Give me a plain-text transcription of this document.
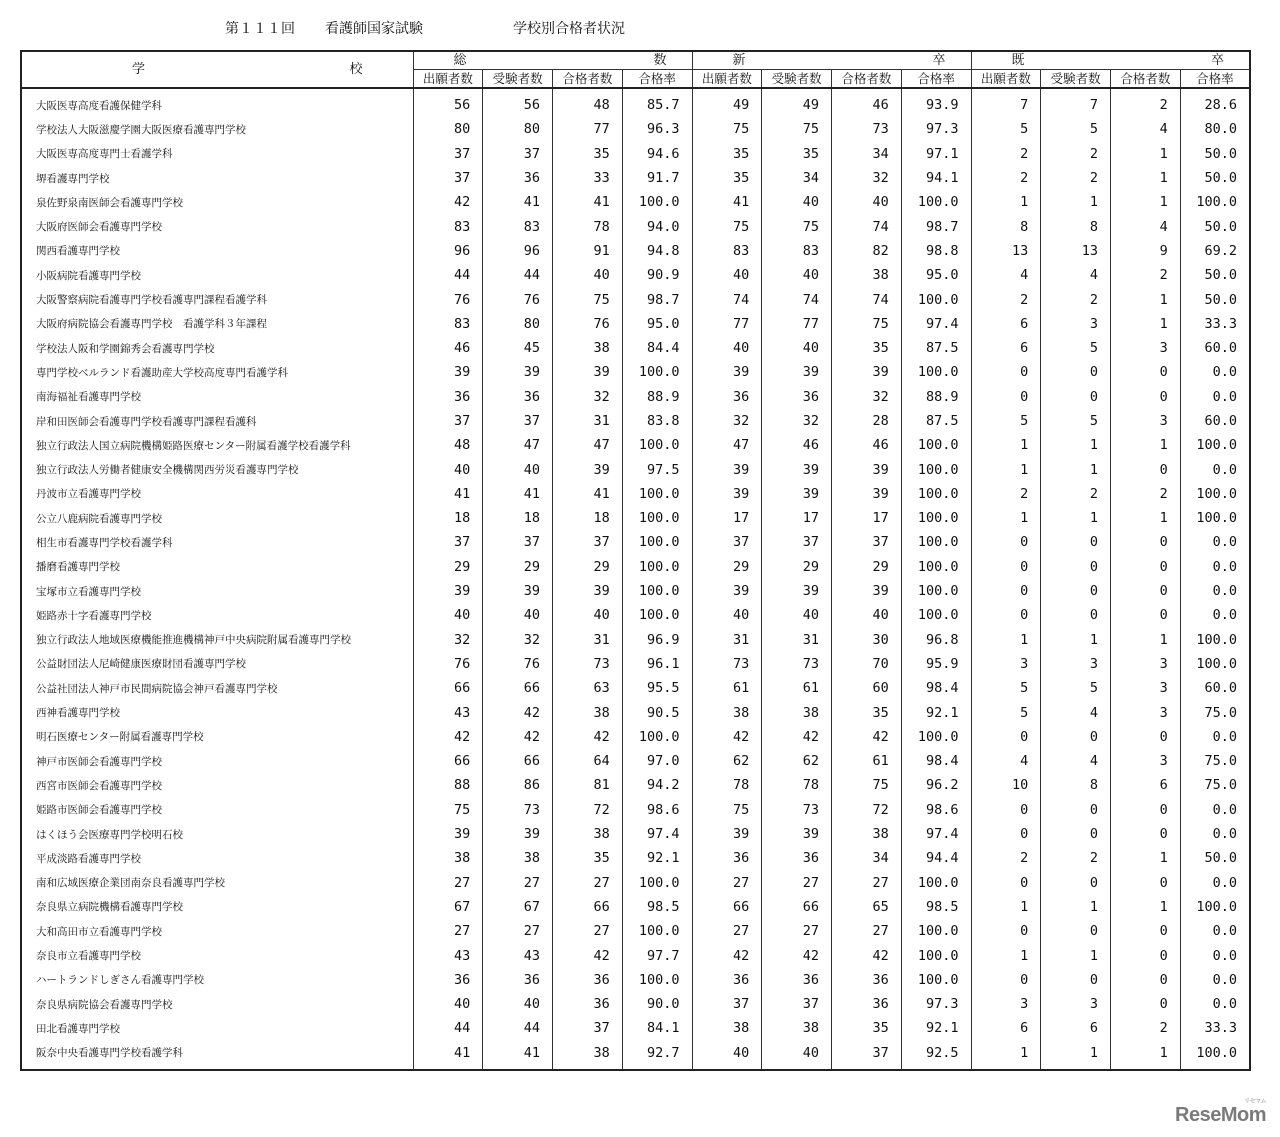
第１１１回 看護師国家試験	学校別合格者状況
学 校	総 数				新 卒				既 卒			

	出願者数	受験者数	合格者数	合格率	出願者数	受験者数	合格者数	合格率	出願者数	受験者数	合格者数	合格率
大阪医専高度看護保健学科	56	56	48	85.7	49	49	46	93.9	7	7	2	28.6
学校法人大阪滋慶学園大阪医療看護専門学校	80	80	77	96.3	75	75	73	97.3	5	5	4	80.0
大阪医専高度専門士看護学科	37	37	35	94.6	35	35	34	97.1	2	2	1	50.0
堺看護専門学校	37	36	33	91.7	35	34	32	94.1	2	2	1	50.0
泉佐野泉南医師会看護専門学校	42	41	41	100.0	41	40	40	100.0	1	1	1	100.0
大阪府医師会看護専門学校	83	83	78	94.0	75	75	74	98.7	8	8	4	50.0
関西看護専門学校	96	96	91	94.8	83	83	82	98.8	13	13	9	69.2
小阪病院看護専門学校	44	44	40	90.9	40	40	38	95.0	4	4	2	50.0
大阪警察病院看護専門学校看護専門課程看護学科	76	76	75	98.7	74	74	74	100.0	2	2	1	50.0
大阪府病院協会看護専門学校　看護学科３年課程	83	80	76	95.0	77	77	75	97.4	6	3	1	33.3
学校法人阪和学園錦秀会看護専門学校	46	45	38	84.4	40	40	35	87.5	6	5	3	60.0
専門学校ベルランド看護助産大学校高度専門看護学科	39	39	39	100.0	39	39	39	100.0	0	0	0	0.0
南海福祉看護専門学校	36	36	32	88.9	36	36	32	88.9	0	0	0	0.0
岸和田医師会看護専門学校看護専門課程看護科	37	37	31	83.8	32	32	28	87.5	5	5	3	60.0
独立行政法人国立病院機構姫路医療センター附属看護学校看護学科	48	47	47	100.0	47	46	46	100.0	1	1	1	100.0
独立行政法人労働者健康安全機構関西労災看護専門学校	40	40	39	97.5	39	39	39	100.0	1	1	0	0.0
丹波市立看護専門学校	41	41	41	100.0	39	39	39	100.0	2	2	2	100.0
公立八鹿病院看護専門学校	18	18	18	100.0	17	17	17	100.0	1	1	1	100.0
相生市看護専門学校看護学科	37	37	37	100.0	37	37	37	100.0	0	0	0	0.0
播磨看護専門学校	29	29	29	100.0	29	29	29	100.0	0	0	0	0.0
宝塚市立看護専門学校	39	39	39	100.0	39	39	39	100.0	0	0	0	0.0
姫路赤十字看護専門学校	40	40	40	100.0	40	40	40	100.0	0	0	0	0.0
独立行政法人地域医療機能推進機構神戸中央病院附属看護専門学校	32	32	31	96.9	31	31	30	96.8	1	1	1	100.0
公益財団法人尼崎健康医療財団看護専門学校	76	76	73	96.1	73	73	70	95.9	3	3	3	100.0
公益社団法人神戸市民間病院協会神戸看護専門学校	66	66	63	95.5	61	61	60	98.4	5	5	3	60.0
西神看護専門学校	43	42	38	90.5	38	38	35	92.1	5	4	3	75.0
明石医療センター附属看護専門学校	42	42	42	100.0	42	42	42	100.0	0	0	0	0.0
神戸市医師会看護専門学校	66	66	64	97.0	62	62	61	98.4	4	4	3	75.0
西宮市医師会看護専門学校	88	86	81	94.2	78	78	75	96.2	10	8	6	75.0
姫路市医師会看護専門学校	75	73	72	98.6	75	73	72	98.6	0	0	0	0.0
はくほう会医療専門学校明石校	39	39	38	97.4	39	39	38	97.4	0	0	0	0.0
平成淡路看護専門学校	38	38	35	92.1	36	36	34	94.4	2	2	1	50.0
南和広域医療企業団南奈良看護専門学校	27	27	27	100.0	27	27	27	100.0	0	0	0	0.0
奈良県立病院機構看護専門学校	67	67	66	98.5	66	66	65	98.5	1	1	1	100.0
大和高田市立看護専門学校	27	27	27	100.0	27	27	27	100.0	0	0	0	0.0
奈良市立看護専門学校	43	43	42	97.7	42	42	42	100.0	1	1	0	0.0
ハートランドしぎさん看護専門学校	36	36	36	100.0	36	36	36	100.0	0	0	0	0.0
奈良県病院協会看護専門学校	40	40	36	90.0	37	37	36	97.3	3	3	0	0.0
田北看護専門学校	44	44	37	84.1	38	38	35	92.1	6	6	2	33.3
阪奈中央看護専門学校看護学科	41	41	38	92.7	40	40	37	92.5	1	1	1	100.0
リセマム
ReseMom
